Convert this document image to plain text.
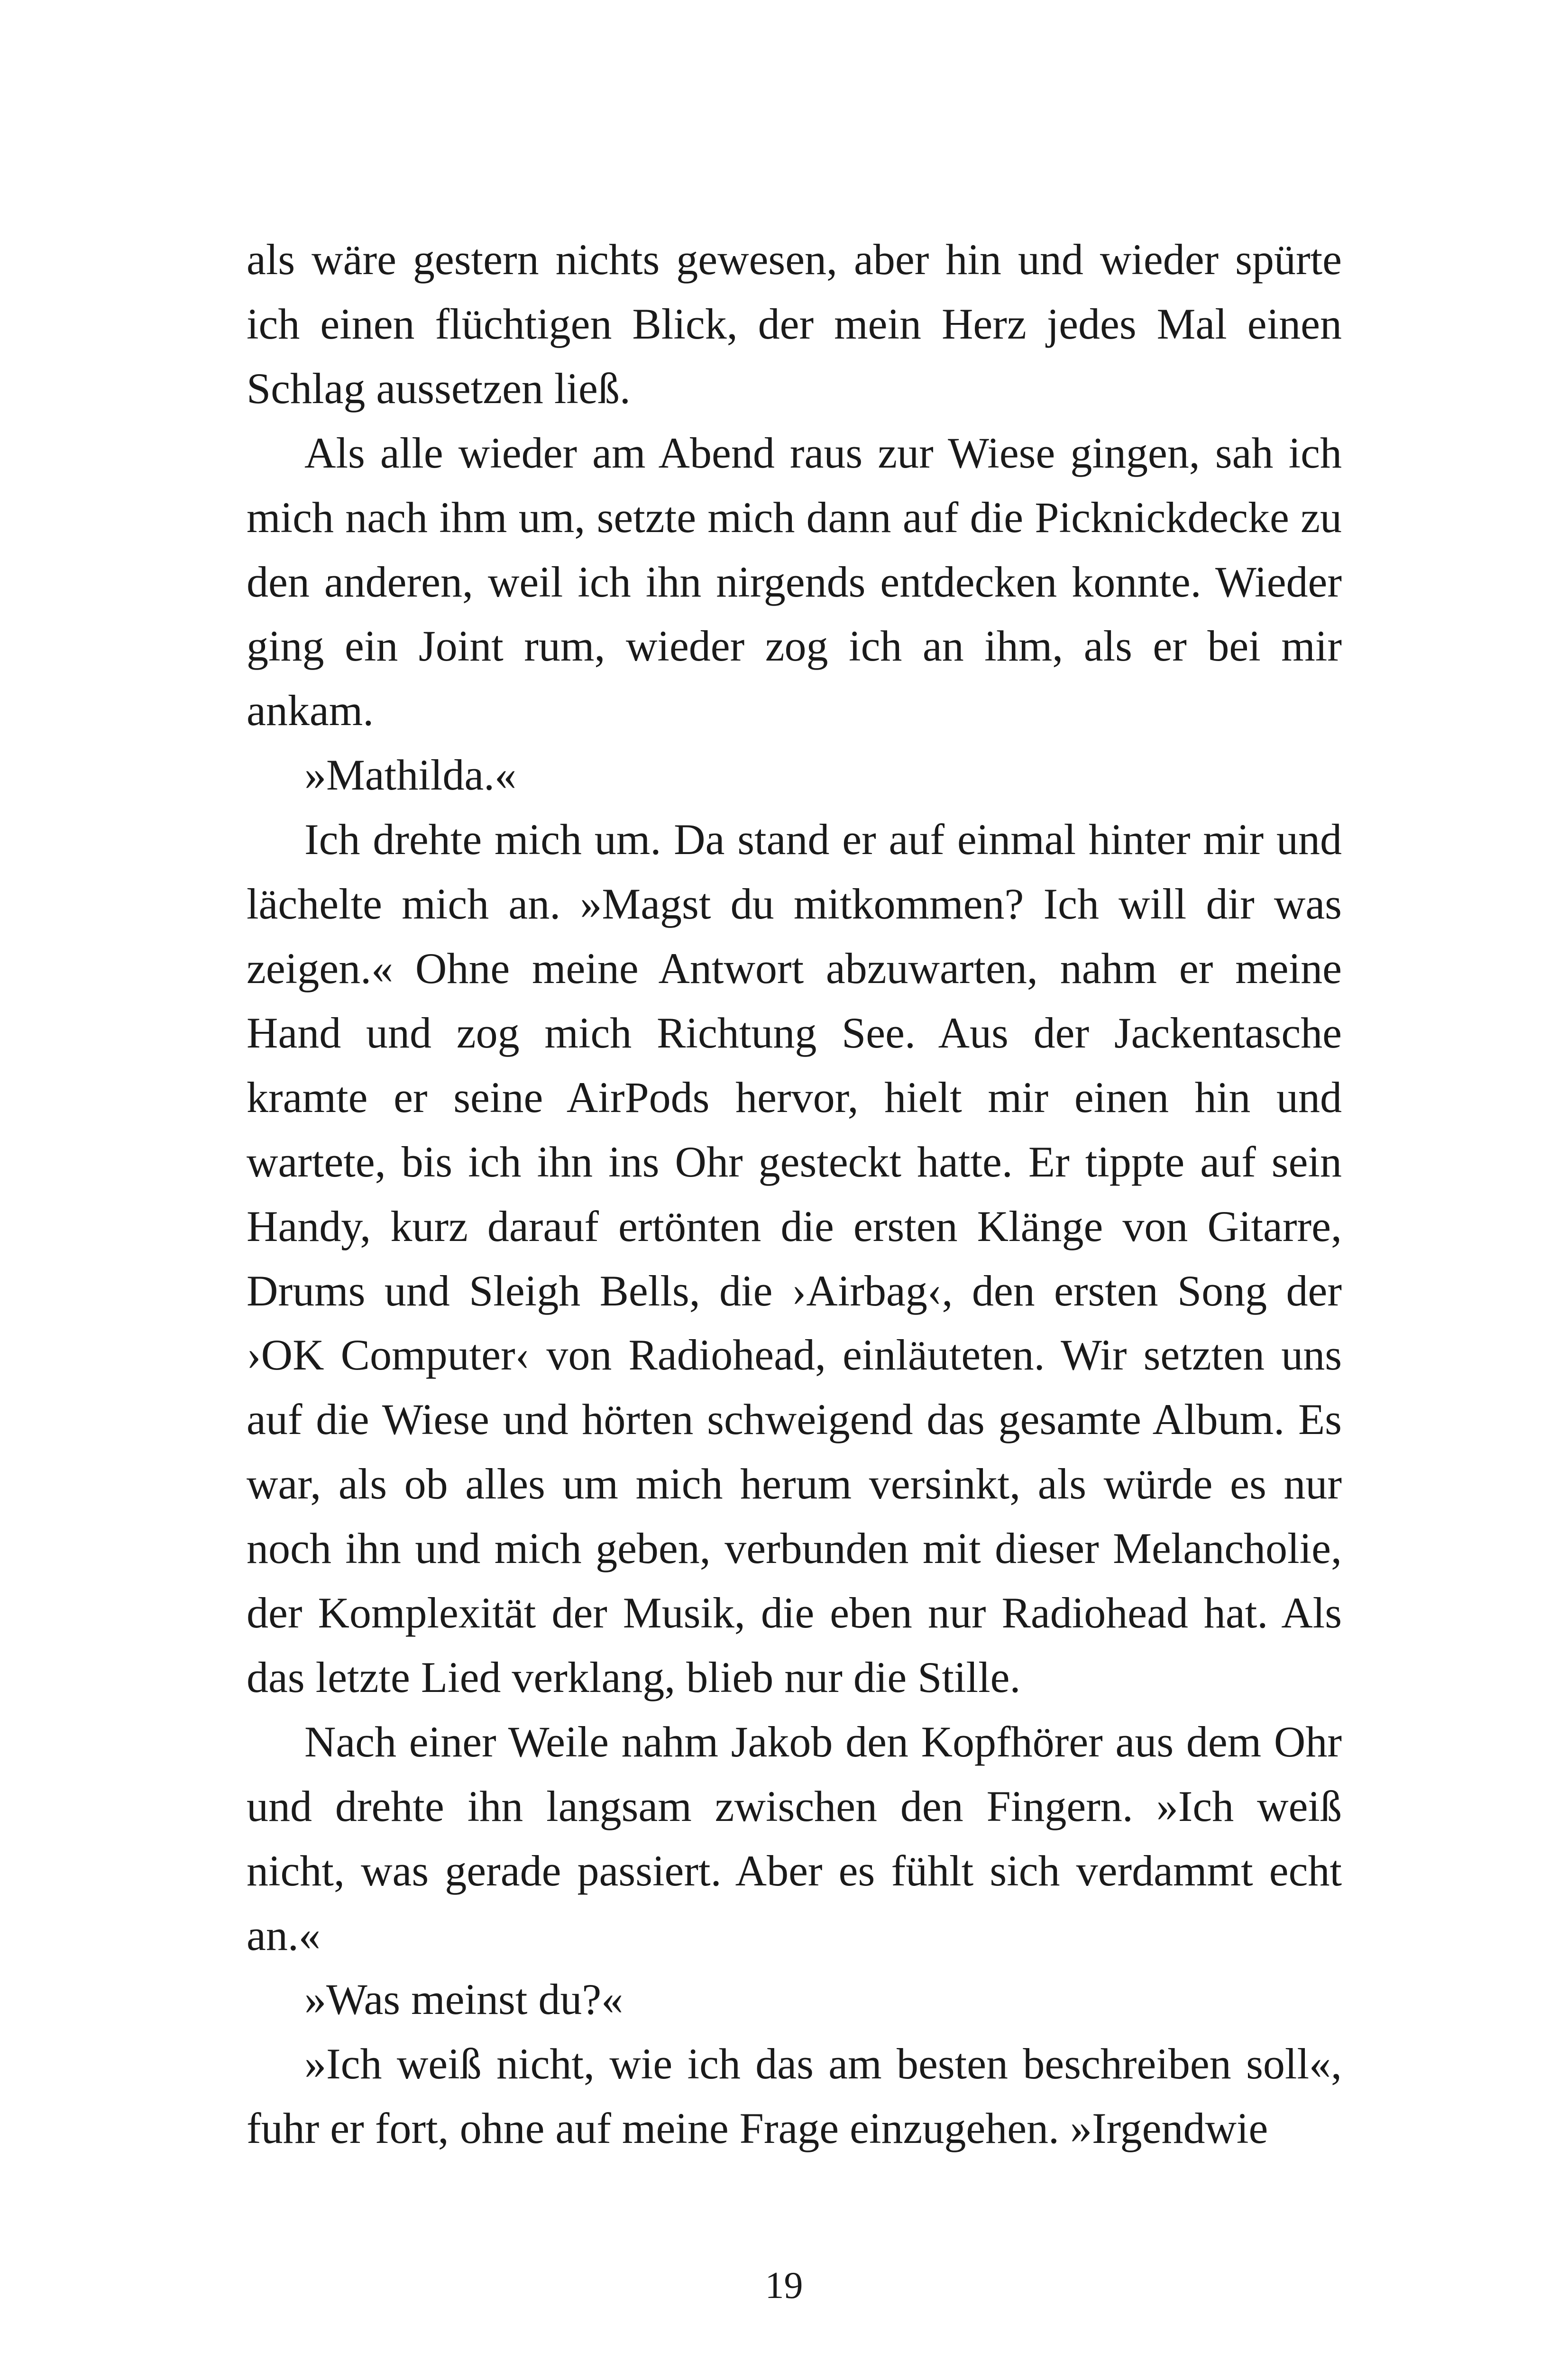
als wäre gestern nichts gewesen, aber hin und wieder spürte ich einen flüchtigen Blick, der mein Herz jedes Mal einen Schlag aussetzen ließ.

Als alle wieder am Abend raus zur Wiese gingen, sah ich mich nach ihm um, setzte mich dann auf die Picknickdecke zu den anderen, weil ich ihn nirgends entdecken konnte. Wieder ging ein Joint rum, wieder zog ich an ihm, als er bei mir ankam.

»Mathilda.«

Ich drehte mich um. Da stand er auf einmal hinter mir und lächelte mich an. »Magst du mitkommen? Ich will dir was zeigen.« Ohne meine Antwort abzuwarten, nahm er meine Hand und zog mich Richtung See. Aus der Jackentasche kramte er seine AirPods hervor, hielt mir einen hin und wartete, bis ich ihn ins Ohr gesteckt hatte. Er tippte auf sein Handy, kurz darauf ertönten die ersten Klänge von Gitarre, Drums und Sleigh Bells, die ›Airbag‹, den ersten Song der ›OK Computer‹ von Radiohead, einläuteten. Wir setzten uns auf die Wiese und hörten schweigend das gesamte Album. Es war, als ob alles um mich herum versinkt, als würde es nur noch ihn und mich geben, verbunden mit dieser Melancholie, der Komplexität der Musik, die eben nur Radiohead hat. Als das letzte Lied verklang, blieb nur die Stille.

Nach einer Weile nahm Jakob den Kopfhörer aus dem Ohr und drehte ihn langsam zwischen den Fingern. »Ich weiß nicht, was gerade passiert. Aber es fühlt sich verdammt echt an.«

»Was meinst du?«

»Ich weiß nicht, wie ich das am besten beschreiben soll«, fuhr er fort, ohne auf meine Frage einzugehen. »Irgendwie

19
